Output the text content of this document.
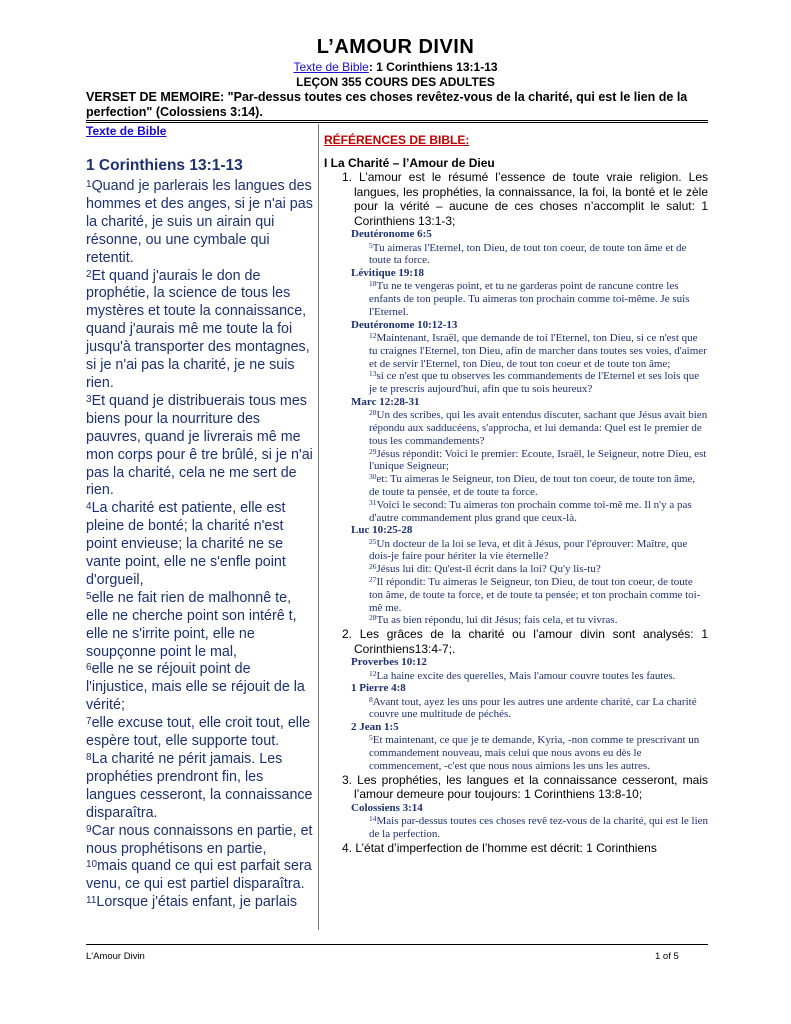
L’AMOUR DIVIN
Texte de Bible: 1 Corinthiens 13:1-13
LEÇON 355 COURS DES ADULTES
VERSET DE MEMOIRE: "Par-dessus toutes ces choses revêtez-vous de la charité, qui est le lien de la perfection" (Colossiens 3:14).
Texte de Bible
1 Corinthiens 13:1-13
$^1$Quand je parlerais les langues des hommes et des anges, si je n'ai pas la charité, je suis un airain qui résonne, ou une cymbale qui retentit.
$^2$Et quand j'aurais le don de prophétie, la science de tous les mystères et toute la connaissance, quand j'aurais mê me toute la foi jusqu'à transporter des montagnes, si je n'ai pas la charité, je ne suis rien.
$^3$Et quand je distribuerais tous mes biens pour la nourriture des pauvres, quand je livrerais mê me mon corps pour ê tre brûlé, si je n'ai pas la charité, cela ne me sert de rien.
$^4$La charité est patiente, elle est pleine de bonté; la charité n'est point envieuse; la charité ne se vante point, elle ne s'enfle point d'orgueil,
$^5$elle ne fait rien de malhonnê te, elle ne cherche point son intérê t, elle ne s'irrite point, elle ne soupçonne point le mal,
$^6$elle ne se réjouit point de l'injustice, mais elle se réjouit de la vérité;
$^7$elle excuse tout, elle croit tout, elle espère tout, elle supporte tout.
$^8$La charité ne périt jamais. Les prophéties prendront fin, les langues cesseront, la connaissance disparaîtra.
$^9$Car nous connaissons en partie, et nous prophétisons en partie,
$^{10}$mais quand ce qui est parfait sera venu, ce qui est partiel disparaîtra.
$^{11}$Lorsque j'étais enfant, je parlais
RÉFÉRENCES DE BIBLE:
I La Charité – l’Amour de Dieu
1. L’amour est le résumé l’essence de toute vraie religion. Les langues, les prophéties, la connaissance, la foi, la bonté et le zèle pour la vérité – aucune de ces choses n’accomplit le salut: 1 Corinthiens 13:1-3;
Deutéronome 6:5
$^5$Tu aimeras l'Eternel, ton Dieu, de tout ton coeur, de toute ton âme et de toute ta force.
Lévitique 19:18
$^{18}$Tu ne te vengeras point, et tu ne garderas point de rancune contre les enfants de ton peuple. Tu aimeras ton prochain comme toi-même. Je suis l'Eternel.
Deutéronome 10:12-13
$^{12}$Maintenant, Israël, que demande de toi l'Eternel, ton Dieu, si ce n'est que tu craignes l'Eternel, ton Dieu, afin de marcher dans toutes ses voies, d'aimer et de servir l'Eternel, ton Dieu, de tout ton coeur et de toute ton âme;
$^{13}$si ce n'est que tu observes les commandements de l'Eternel et ses lois que je te prescris aujourd'hui, afin que tu sois heureux?
Marc 12:28-31
$^{28}$Un des scribes, qui les avait entendus discuter, sachant que Jésus avait bien répondu aux sadducéens, s'approcha, et lui demanda: Quel est le premier de tous les commandements?
$^{29}$Jésus répondit: Voici le premier: Ecoute, Israël, le Seigneur, notre Dieu, est l'unique Seigneur;
$^{30}$et: Tu aimeras le Seigneur, ton Dieu, de tout ton coeur, de toute ton âme, de toute ta pensée, et de toute ta force.
$^{31}$Voici le second: Tu aimeras ton prochain comme toi-mê me. Il n'y a pas d'autre commandement plus grand que ceux-là.
Luc 10:25-28
$^{25}$Un docteur de la loi se leva, et dit à Jésus, pour l'éprouver: Maître, que dois-je faire pour hériter la vie éternelle?
$^{26}$Jésus lui dit: Qu'est-il écrit dans la loi? Qu'y lis-tu?
$^{27}$Il répondit: Tu aimeras le Seigneur, ton Dieu, de tout ton coeur, de toute ton âme, de toute ta force, et de toute ta pensée; et ton prochain comme toi-mê me.
$^{28}$Tu as bien répondu, lui dit Jésus; fais cela, et tu vivras.
2. Les grâces de la charité ou l’amour divin sont analysés: 1 Corinthiens13:4-7;.
Proverbes 10:12
$^{12}$La haine excite des querelles, Mais l'amour couvre toutes les fautes.
1 Pierre 4:8
$^8$Avant tout, ayez les uns pour les autres une ardente charité, car La charité couvre une multitude de péchés.
2 Jean 1:5
$^5$Et maintenant, ce que je te demande, Kyria, -non comme te prescrivant un commandement nouveau, mais celui que nous avons eu dès le commencement, -c'est que nous nous aimions les uns les autres.
3. Les prophéties, les langues et la connaissance cesseront, mais l’amour demeure pour toujours: 1 Corinthiens 13:8-10;
Colossiens 3:14
$^{14}$Mais par-dessus toutes ces choses revê tez-vous de la charité, qui est le lien de la perfection.
4. L’état d’imperfection de l’homme est décrit: 1 Corinthiens
L'Amour Divin	1 of 5
